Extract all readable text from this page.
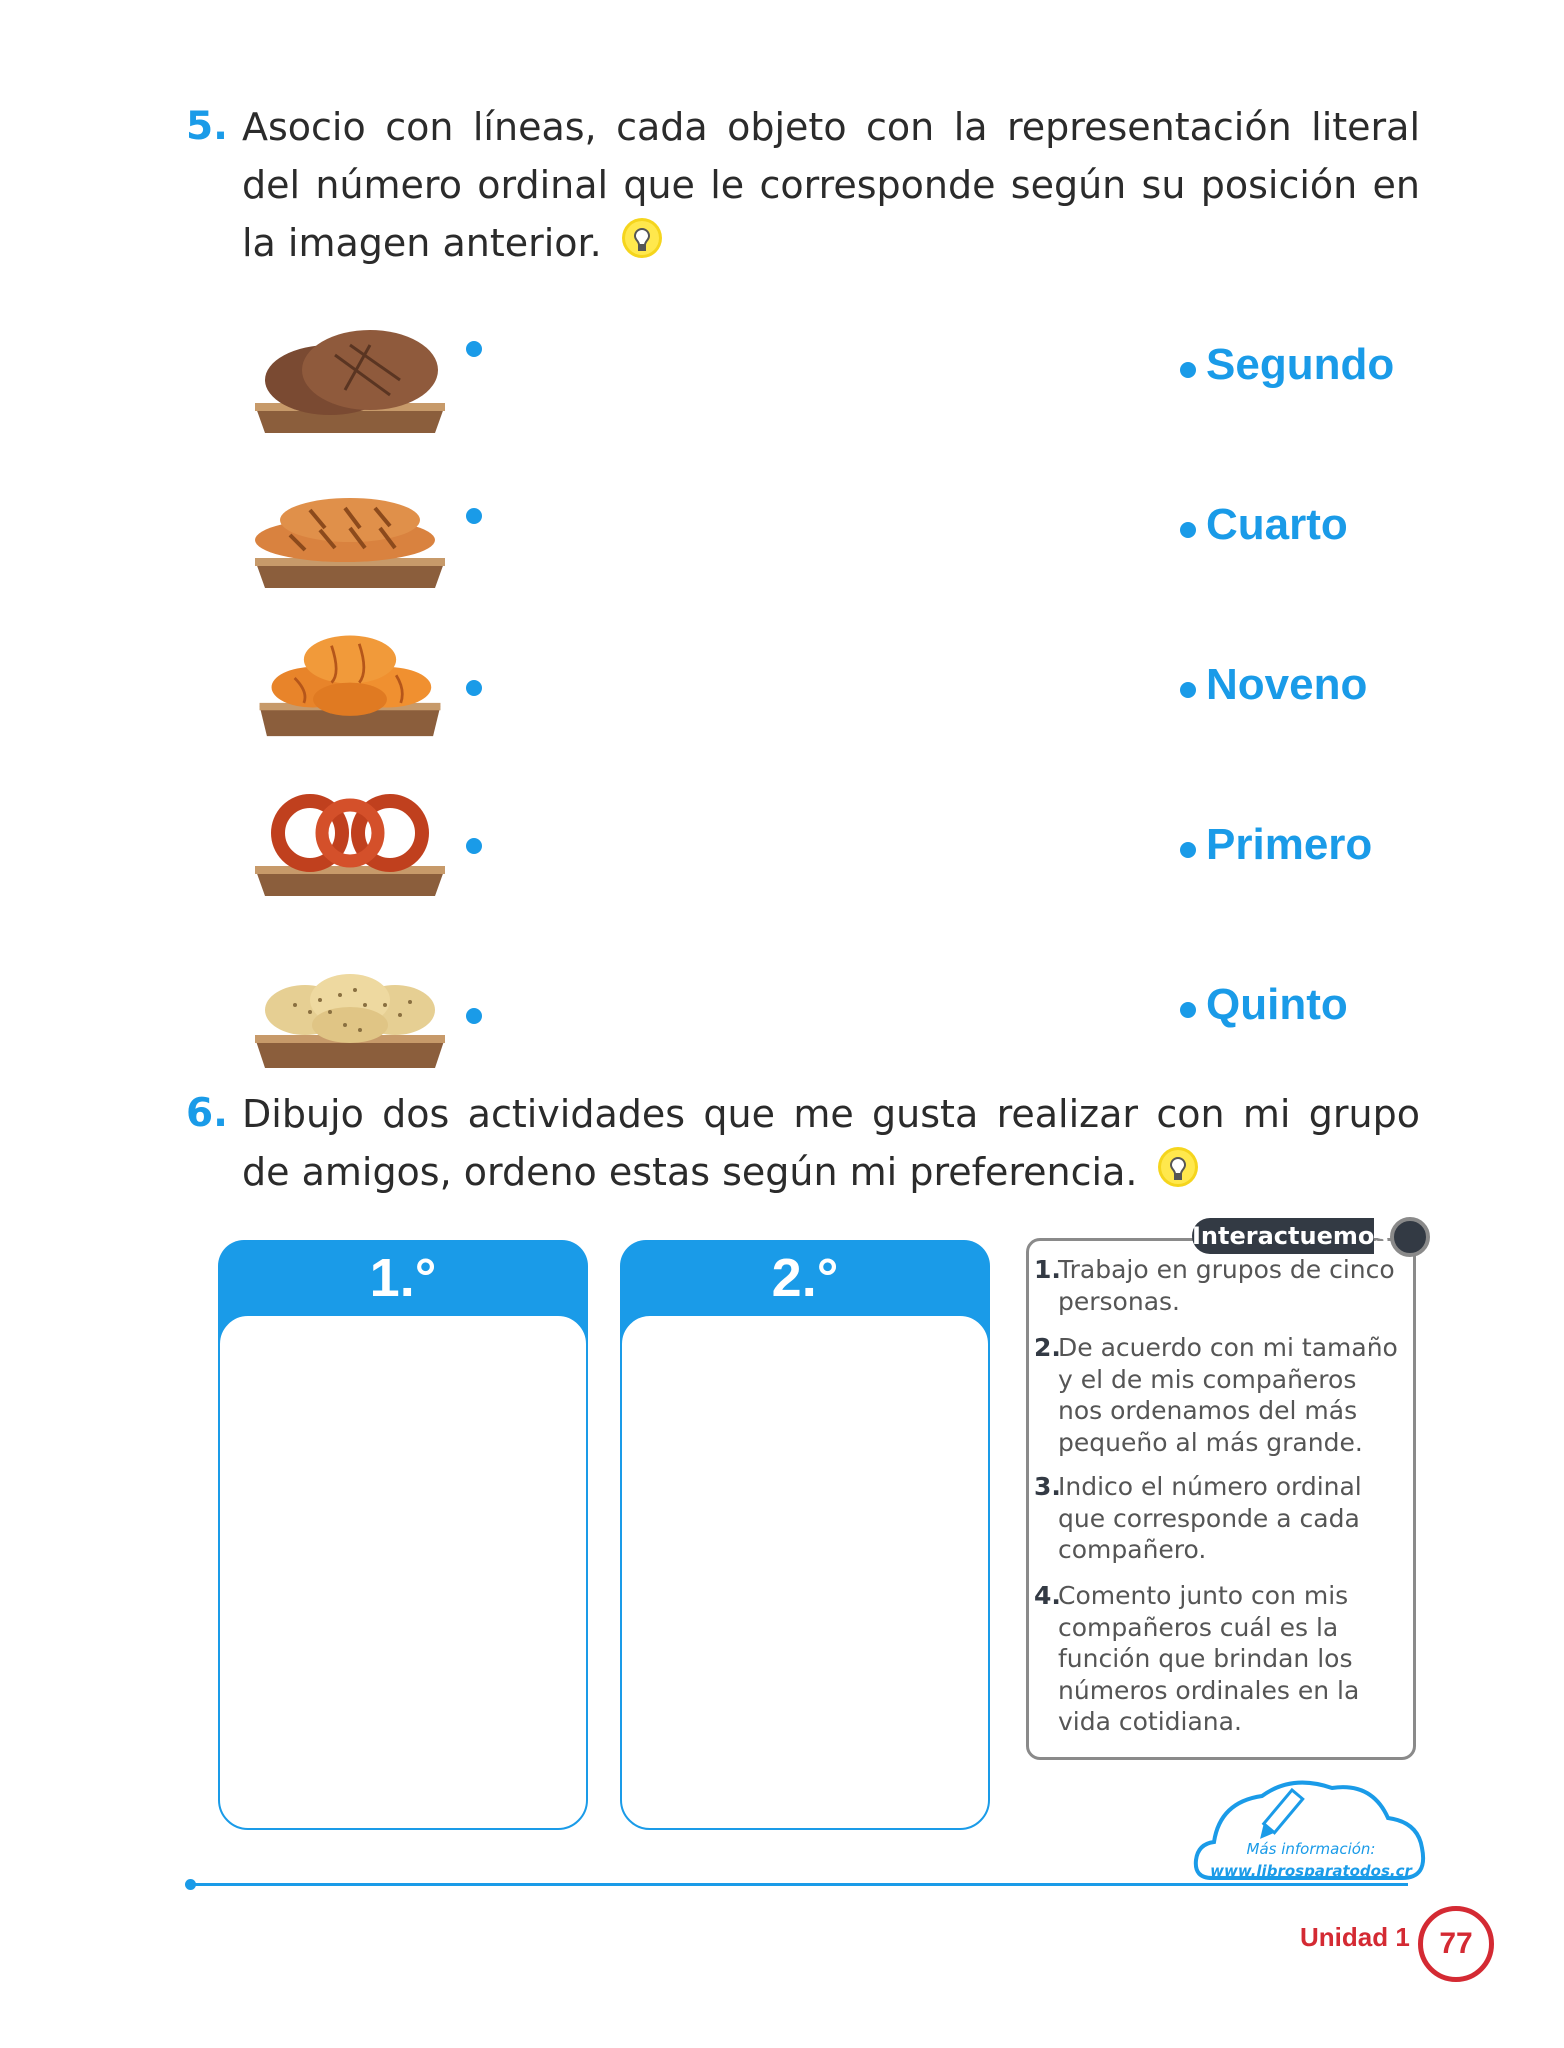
5. Asocio con líneas, cada objeto con la representación literal del número ordinal que le corresponde según su posición en la imagen anterior.
Segundo
Cuarto
Noveno
Primero
Quinto
6. Dibujo dos actividades que me gusta realizar con mi grupo de amigos, ordeno estas según mi preferencia.
1.°	2.°
Interactuemos
1.
Trabajo en grupos de cinco personas.
2.
De acuerdo con mi tamaño y el de mis compañeros nos ordenamos del más pequeño al más grande.
3.
Indico el número ordinal que corresponde a cada compañero.
4.
Comento junto con mis compañeros cuál es la función que brindan los números ordinales en la vida cotidiana.
Más información:
www.librosparatodos.cr
Unidad 1 77
